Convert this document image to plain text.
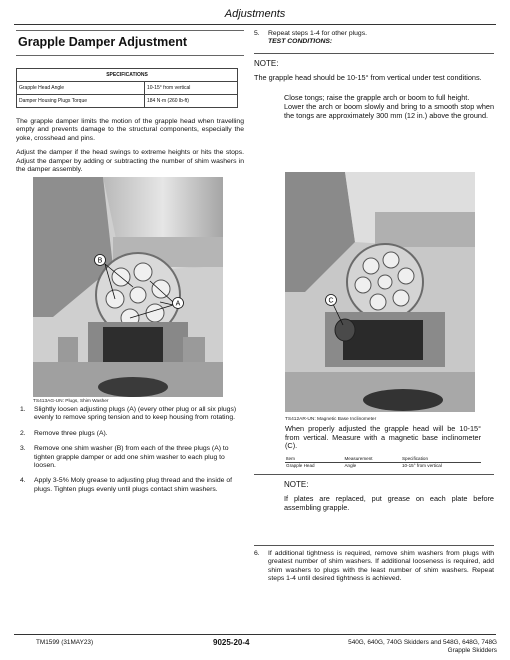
Adjustments
Grapple Damper Adjustment
SPECIFICATIONS	
Grapple Head Angle	10-15° from vertical
Damper Housing Plugs Torque	184 N·m (260 lb-ft)

The grapple damper limits the motion of the grapple head when travelling empty and prevents damage to the structural components, especially the yoke, crosshead and pins.

Adjust the damper if the head swings to extreme heights or hits the stops. Adjust the damper by adding or subtracting the number of shim washers in the damper assembly.

B
A
TS413AG-UN: Plugs, Shim Washer
1.	Slightly loosen adjusting plugs (A) (every other plug or all six plugs) evenly to remove spring tension and to keep housing from rotating.
2.	Remove three plugs (A).
3.	Remove one shim washer (B) from each of the three plugs (A) to tighten grapple damper or add one shim washer to each plug to loosen.
4.	Apply 3-5% Moly grease to adjusting plug thread and the inside of plugs. Tighten plugs evenly until plugs contact shim washers.
5.	Repeat steps 1-4 for other plugs.
TEST CONDITIONS:
NOTE:
The grapple head should be 10-15° from vertical under test conditions.
Close tongs; raise the grapple arch or boom to full height.
Lower the arch or boom slowly and bring to a smooth stop when the tongs are approximately 300 mm (12 in.) above the ground.
C
TS412AR-UN: Magnetic Base Inclinometer
When properly adjusted the grapple head will be 10-15° from vertical. Measure with a magnetic base inclinometer (C).
Item	Measurement	Specification
Grapple Head	Angle	10-15° from vertical
NOTE:
If plates are replaced, put grease on each plate before assembling grapple.
6.	If additional tightness is required, remove shim washers from plugs with greatest number of shim washers. If additional looseness is required, add shim washers to plugs with the least number of shim washers. Repeat steps 1-4 until desired tightness is achieved.
TM1599 (31MAY23)	9025-20-4	540G, 640G, 740G Skidders and 548G, 648G, 748G
Grapple Skidders
